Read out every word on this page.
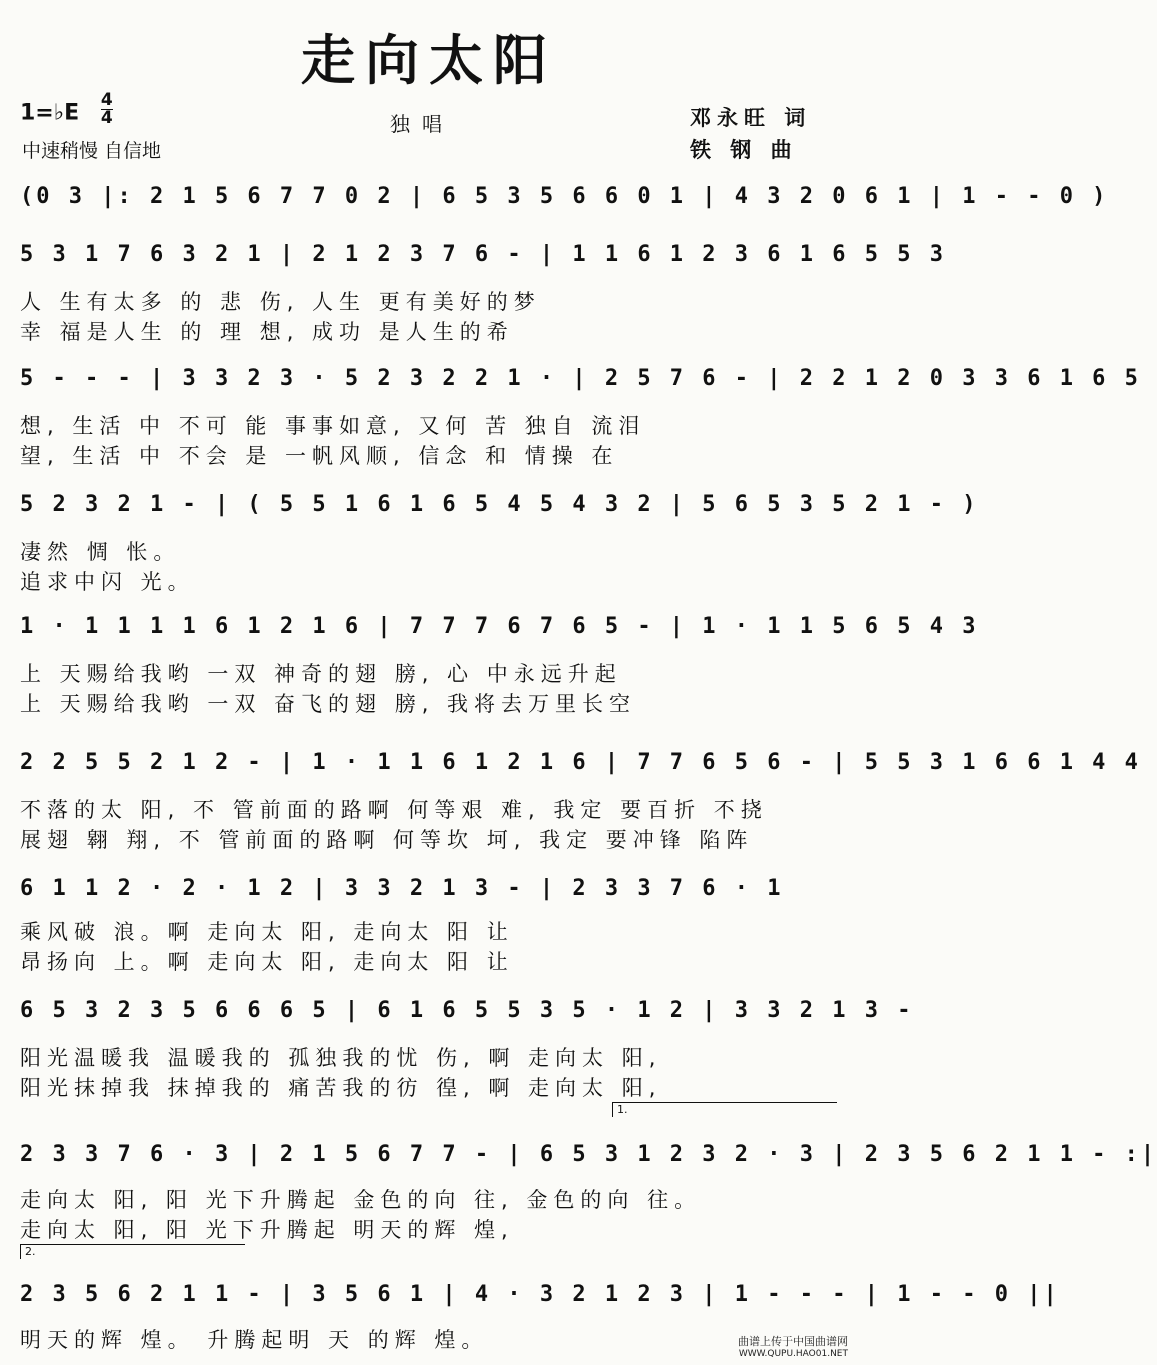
走向太阳
1=♭E $\frac{4}{4}$	独唱
中速稍慢 自信地
邓永旺 词
铁 钢 曲
(0 3 |: 2 1 5 6 7 7 0 2 | 6 5 3 5 6 6 0 1 | 4 3 2 0 6 1 | 1 - - 0 )
5 3 1 7 6 3 2 1 | 2 1 2 3 7 6 - | 1 1 6 1 2 3 6 1 6 5 5 3
人 生有太多 的 悲 伤, 人生 更有美好的梦
幸 福是人生 的 理 想, 成功 是人生的希
5 - - - | 3 3 2 3 · 5 2 3 2 2 1 · | 2 5 7 6 - | 2 2 1 2 0 3 3 6 1 6 5
想, 生活 中 不可 能 事事如意, 又何 苦 独自 流泪
望, 生活 中 不会 是 一帆风顺, 信念 和 情操 在
5 2 3 2 1 - | ( 5 5 1 6 1 6 5 4 5 4 3 2 | 5 6 5 3 5 2 1 - )
凄然 惆 怅。
追求中闪 光。
1 · 1 1 1 1 6 1 2 1 6 | 7 7 7 6 7 6 5 - | 1 · 1 1 5 6 5 4 3
上 天赐给我哟 一双 神奇的翅 膀, 心 中永远升起
上 天赐给我哟 一双 奋飞的翅 膀, 我将去万里长空
2 2 5 5 2 1 2 - | 1 · 1 1 6 1 2 1 6 | 7 7 6 5 6 - | 5 5 3 1 6 6 1 4 4
不落的太 阳, 不 管前面的路啊 何等艰 难, 我定 要百折 不挠
展翅 翱 翔, 不 管前面的路啊 何等坎 坷, 我定 要冲锋 陷阵
6 1 1 2 · 2 · 1 2 | 3 3 2 1 3 - | 2 3 3 7 6 · 1
乘风破 浪。啊 走向太 阳, 走向太 阳 让
昂扬向 上。啊 走向太 阳, 走向太 阳 让
6 5 3 2 3 5 6 6 6 5 | 6 1 6 5 5 3 5 · 1 2 | 3 3 2 1 3 -
阳光温暖我 温暖我的 孤独我的忧 伤, 啊 走向太 阳,
阳光抹掉我 抹掉我的 痛苦我的彷 徨, 啊 走向太 阳,
1.
2 3 3 7 6 · 3 | 2 1 5 6 7 7 - | 6 5 3 1 2 3 2 · 3 | 2 3 5 6 2 1 1 - :|
走向太 阳, 阳 光下升腾起 金色的向 往, 金色的向 往。
走向太 阳, 阳 光下升腾起 明天的辉 煌,
2.
2 3 5 6 2 1 1 - | 3 5 6 1 | 4 · 3 2 1 2 3 | 1 - - - | 1 - - 0 ||
明天的辉 煌。 升腾起明 天 的辉 煌。	曲谱上传于中国曲谱网
WWW.QUPU.HAO01.NET
